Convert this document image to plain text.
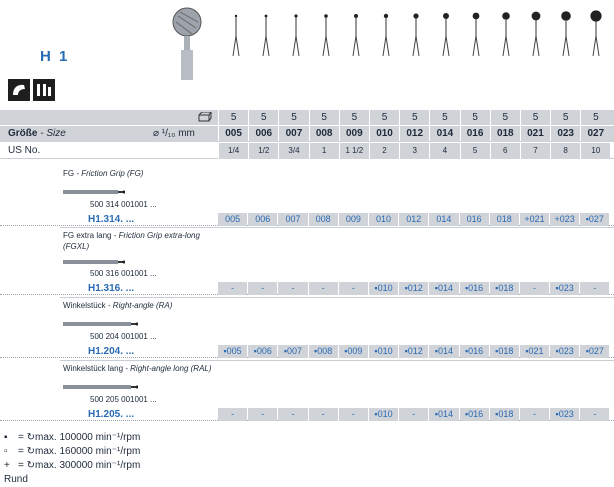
H 1
5	5	5	5	5	5	5	5	5	5	5	5	5
Größe - Size	⌀ ¹/₁₀ mm	005	006	007	008	009	010	012	014	016	018	021	023	027
US No.	1/4	1/2	3/4	1	1 1/2	2	3	4	5	6	7	8	10
FG - Friction Grip (FG)
500 314 001001 ...
H1.314. ...	005	006	007	008	009	010	012	014	016	018	+021	+023	▪027
FG extra lang - Friction Grip extra-long
(FGXL)
500 316 001001 ...
H1.316. ...	-	-	-	-	-	▪010	▪012	▪014	▪016	▪018	-	▪023	-
Winkelstück - Right-angle (RA)
500 204 001001 ...
H1.204. ...	▪005	▪006	▪007	▪008	▪009	▪010	▪012	▪014	▪016	▪018	▪021	▪023	▪027
Winkelstück lang - Right-angle long (RAL)
500 205 001001 ...
H1.205. ...	-	-	-	-	-	▪010	-	▪014	▪016	▪018	-	▪023	-
▪ = ↻max. 100000 min⁻¹/rpm
▫ = ↻max. 160000 min⁻¹/rpm
+ = ↻max. 300000 min⁻¹/rpm
Rund
